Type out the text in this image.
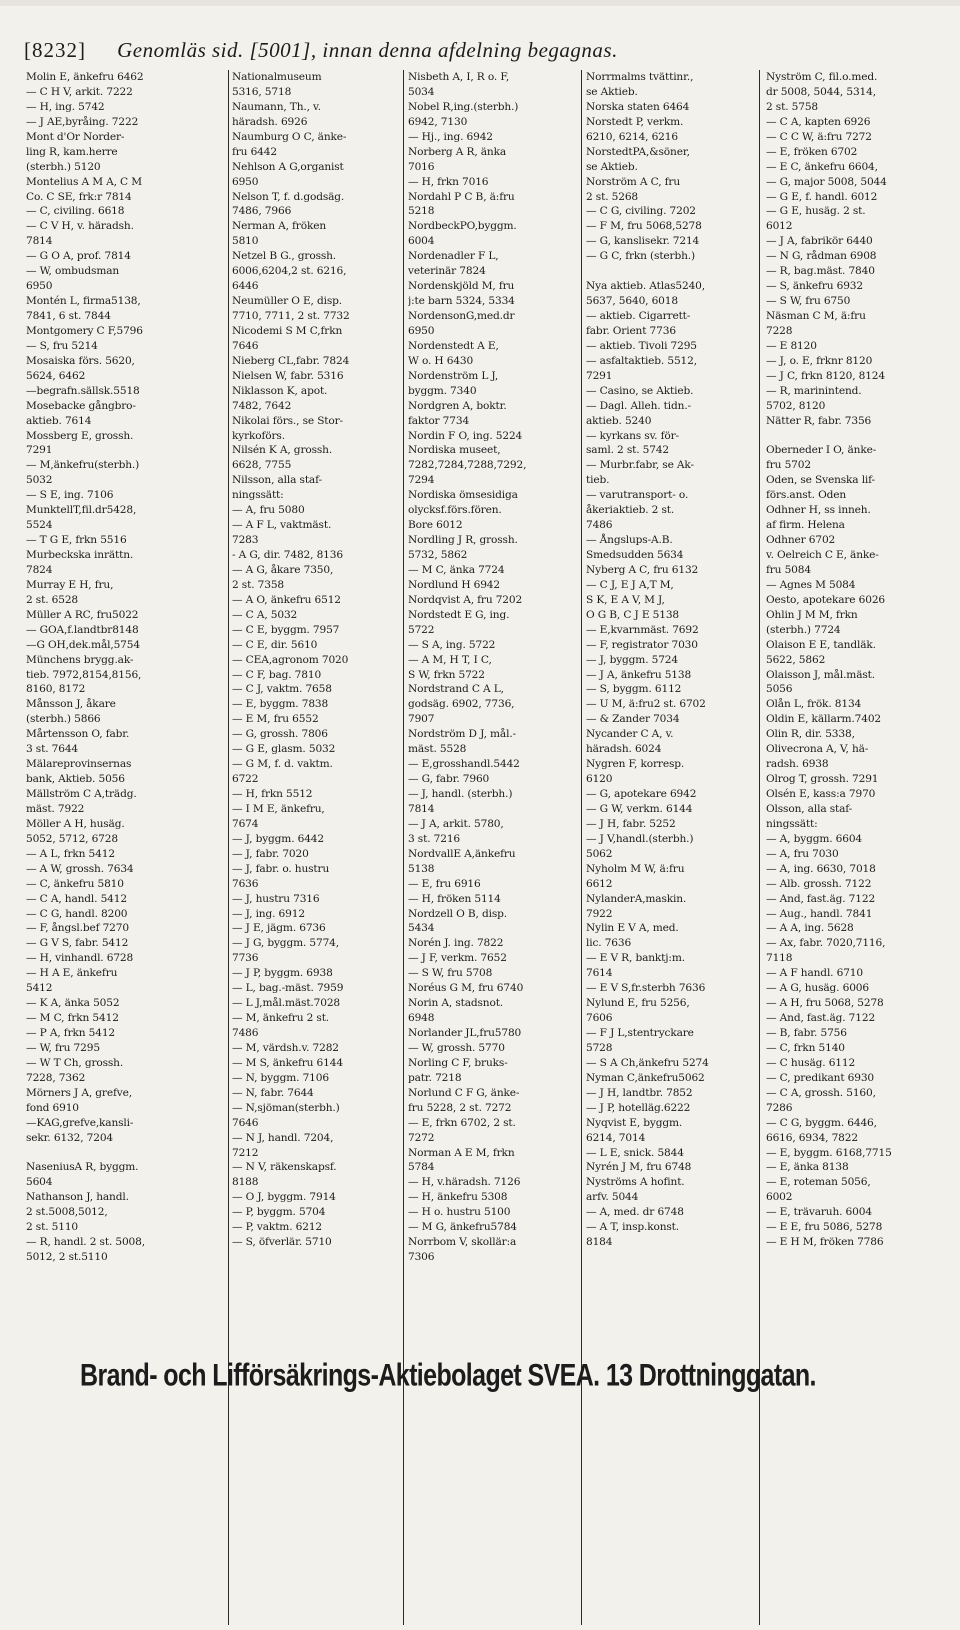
[8232] Genomläs sid. [5001], innan denna afdelning begagnas.
Molin E, änkefru 6462
— C H V, arkit. 7222
— H, ing. 5742
— J AE,byråing. 7222
Mont d'Or Norder-
ling R, kam.herre
(sterbh.) 5120
Montelius A M A, C M
Co. C SE, frk:r 7814
— C, civiling. 6618
— C V H, v. häradsh.
7814
— G O A, prof. 7814
— W, ombudsman
6950
Montén L, firma5138,
7841, 6 st. 7844
Montgomery C F,5796
— S, fru 5214
Mosaiska förs. 5620,
5624, 6462
—begrafn.sällsk.5518
Mosebacke gångbro-
aktieb. 7614
Mossberg E, grossh.
7291
— M,änkefru(sterbh.)
5032
— S E, ing. 7106
MunktellT,fil.dr5428,
5524
— T G E, frkn 5516
Murbeckska inrättn.
7824
Murray E H, fru,
2 st. 6528
Müller A RC, fru5022
— GOA,f.landtbr8148
—G OH,dek.mål,5754
Münchens brygg.ak-
tieb. 7972,8154,8156,
8160, 8172
Månsson J, åkare
(sterbh.) 5866
Mårtensson O, fabr.
3 st. 7644
Mälareprovinsernas
bank, Aktieb. 5056
Mällström C A,trädg.
mäst. 7922
Möller A H, husäg.
5052, 5712, 6728
— A L, frkn 5412
— A W, grossh. 7634
— C, änkefru 5810
— C A, handl. 5412
— C G, handl. 8200
— F, ångsl.bef 7270
— G V S, fabr. 5412
— H, vinhandl. 6728
— H A E, änkefru
5412
— K A, änka 5052
— M C, frkn 5412
— P A, frkn 5412
— W, fru 7295
— W T Ch, grossh.
7228, 7362
Mörners J A, grefve,
fond 6910
—KAG,grefve,kansli-
sekr. 6132, 7204
NaseniusA R, byggm.
5604
Nathanson J, handl.
2 st.5008,5012,
2 st. 5110
— R, handl. 2 st. 5008,
5012, 2 st.5110
Nationalmuseum
5316, 5718
Naumann, Th., v.
häradsh. 6926
Naumburg O C, änke-
fru 6442
Nehlson A G,organist
6950
Nelson T, f. d.godsäg.
7486, 7966
Nerman A, fröken
5810
Netzel B G., grossh.
6006,6204,2 st. 6216,
6446
Neumüller O E, disp.
7710, 7711, 2 st. 7732
Nicodemi S M C,frkn
7646
Nieberg CL,fabr. 7824
Nielsen W, fabr. 5316
Niklasson K, apot.
7482, 7642
Nikolai förs., se Stor-
kyrkoförs.
Nilsén K A, grossh.
6628, 7755
Nilsson, alla staf-
ningssätt:
— A, fru 5080
— A F L, vaktmäst.
7283
- A G, dir. 7482, 8136
— A G, åkare 7350,
2 st. 7358
— A O, änkefru 6512
— C A, 5032
— C E, byggm. 7957
— C E, dir. 5610
— CEA,agronom 7020
— C F, bag. 7810
— C J, vaktm. 7658
— E, byggm. 7838
— E M, fru 6552
— G, grossh. 7806
— G E, glasm. 5032
— G M, f. d. vaktm.
6722
— H, frkn 5512
— I M E, änkefru,
7674
— J, byggm. 6442
— J, fabr. 7020
— J, fabr. o. hustru
7636
— J, hustru 7316
— J, ing. 6912
— J E, jägm. 6736
— J G, byggm. 5774,
7736
— J P, byggm. 6938
— L, bag.-mäst. 7959
— L J,mål.mäst.7028
— M, änkefru 2 st.
7486
— M, värdsh.v. 7282
— M S, änkefru 6144
— N, byggm. 7106
— N, fabr. 7644
— N,sjöman(sterbh.)
7646
— N J, handl. 7204,
7212
— N V, räkenskapsf.
8188
— O J, byggm. 7914
— P, byggm. 5704
— P, vaktm. 6212
— S, öfverlär. 5710
Nisbeth A, I, R o. F,
5034
Nobel R,ing.(sterbh.)
6942, 7130
— Hj., ing. 6942
Norberg A R, änka
7016
— H, frkn 7016
Nordahl P C B, ä:fru
5218
NordbeckPO,byggm.
6004
Nordenadler F L,
veterinär 7824
Nordenskjöld M, fru
j:te barn 5324, 5334
NordensonG,med.dr
6950
Nordenstedt A E,
W o. H 6430
Nordenström L J,
byggm. 7340
Nordgren A, boktr.
faktor 7734
Nordin F O, ing. 5224
Nordiska museet,
7282,7284,7288,7292,
7294
Nordiska ömsesidiga
olycksf.förs.fören.
Bore 6012
Nordling J R, grossh.
5732, 5862
— M C, änka 7724
Nordlund H 6942
Nordqvist A, fru 7202
Nordstedt E G, ing.
5722
— S A, ing. 5722
— A M, H T, I C,
S W, frkn 5722
Nordstrand C A L,
godsäg. 6902, 7736,
7907
Nordström D J, mål.-
mäst. 5528
— E,grosshandl.5442
— G, fabr. 7960
— J, handl. (sterbh.)
7814
— J A, arkit. 5780,
3 st. 7216
NordvallE A,änkefru
5138
— E, fru 6916
— H, fröken 5114
Nordzell O B, disp.
5434
Norén J. ing. 7822
— J F, verkm. 7652
— S W, fru 5708
Noréus G M, fru 6740
Norin A, stadsnot.
6948
Norlander JL,fru5780
— W, grossh. 5770
Norling C F, bruks-
patr. 7218
Norlund C F G, änke-
fru 5228, 2 st. 7272
— E, frkn 6702, 2 st.
7272
Norman A E M, frkn
5784
— H, v.häradsh. 7126
— H, änkefru 5308
— H o. hustru 5100
— M G, änkefru5784
Norrbom V, skollär:a
7306
Norrmalms tvättinr.,
se Aktieb.
Norska staten 6464
Norstedt P, verkm.
6210, 6214, 6216
NorstedtPA,&söner,
se Aktieb.
Norström A C, fru
2 st. 5268
— C G, civiling. 7202
— F M, fru 5068,5278
— G, kanslisekr. 7214
— G C, frkn (sterbh.)
Nya aktieb. Atlas5240,
5637, 5640, 6018
— aktieb. Cigarrett-
fabr. Orient 7736
— aktieb. Tivoli 7295
— asfaltaktieb. 5512,
7291
— Casino, se Aktieb.
— Dagl. Alleh. tidn.-
aktieb. 5240
— kyrkans sv. för-
saml. 2 st. 5742
— Murbr.fabr, se Ak-
tieb.
— varutransport- o.
åkeriaktieb. 2 st.
7486
— Ångslups-A.B.
Smedsudden 5634
Nyberg A C, fru 6132
— C J, E J A,T M,
S K, E A V, M J,
O G B, C J E 5138
— E,kvarnmäst. 7692
— F, registrator 7030
— J, byggm. 5724
— J A, änkefru 5138
— S, byggm. 6112
— U M, ä:fru2 st. 6702
— & Zander 7034
Nycander C A, v.
häradsh. 6024
Nygren F, korresp.
6120
— G, apotekare 6942
— G W, verkm. 6144
— J H, fabr. 5252
— J V,handl.(sterbh.)
5062
Nyholm M W, ä:fru
6612
NylanderA,maskin.
7922
Nylin E V A, med.
lic. 7636
— E V R, banktj:m.
7614
— E V S,fr.sterbh 7636
Nylund E, fru 5256,
7606
— F J L,stentryckare
5728
— S A Ch,änkefru 5274
Nyman C,änkefru5062
— J H, landtbr. 7852
— J P, hotelläg.6222
Nyqvist E, byggm.
6214, 7014
— L E, snick. 5844
Nyrén J M, fru 6748
Nyströms A hofint.
arfv. 5044
— A, med. dr 6748
— A T, insp.konst.
8184
Nyström C, fil.o.med.
dr 5008, 5044, 5314,
2 st. 5758
— C A, kapten 6926
— C C W, ä:fru 7272
— E, fröken 6702
— E C, änkefru 6604,
— G, major 5008, 5044
— G E, f. handl. 6012
— G E, husäg. 2 st.
6012
— J A, fabrikör 6440
— N G, rådman 6908
— R, bag.mäst. 7840
— S, änkefru 6932
— S W, fru 6750
Näsman C M, ä:fru
7228
— E 8120
— J, o. E, frknr 8120
— J C, frkn 8120, 8124
— R, marinintend.
5702, 8120
Nätter R, fabr. 7356
Oberneder I O, änke-
fru 5702
Oden, se Svenska lif-
förs.anst. Oden
Odhner H, ss inneh.
af firm. Helena
Odhner 6702
v. Oelreich C E, änke-
fru 5084
— Agnes M 5084
Oesto, apotekare 6026
Ohlin J M M, frkn
(sterbh.) 7724
Olaison E E, tandläk.
5622, 5862
Olaisson J, mål.mäst.
5056
Olån L, frök. 8134
Oldin E, källarm.7402
Olin R, dir. 5338,
Olivecrona A, V, hä-
radsh. 6938
Olrog T, grossh. 7291
Olsén E, kass:a 7970
Olsson, alla staf-
ningssätt:
— A, byggm. 6604
— A, fru 7030
— A, ing. 6630, 7018
— Alb. grossh. 7122
— And, fast.äg. 7122
— Aug., handl. 7841
— A A, ing. 5628
— Ax, fabr. 7020,7116,
7118
— A F handl. 6710
— A G, husäg. 6006
— A H, fru 5068, 5278
— And, fast.äg. 7122
— B, fabr. 5756
— C, frkn 5140
— C husäg. 6112
— C, predikant 6930
— C A, grossh. 5160,
7286
— C G, byggm. 6446,
6616, 6934, 7822
— E, byggm. 6168,7715
— E, änka 8138
— E, roteman 5056,
6002
— E, trävaruh. 6004
— E E, fru 5086, 5278
— E H M, fröken 7786
Brand- och Lifförsäkrings-Aktiebolaget SVEA. 13 Drottninggatan.
